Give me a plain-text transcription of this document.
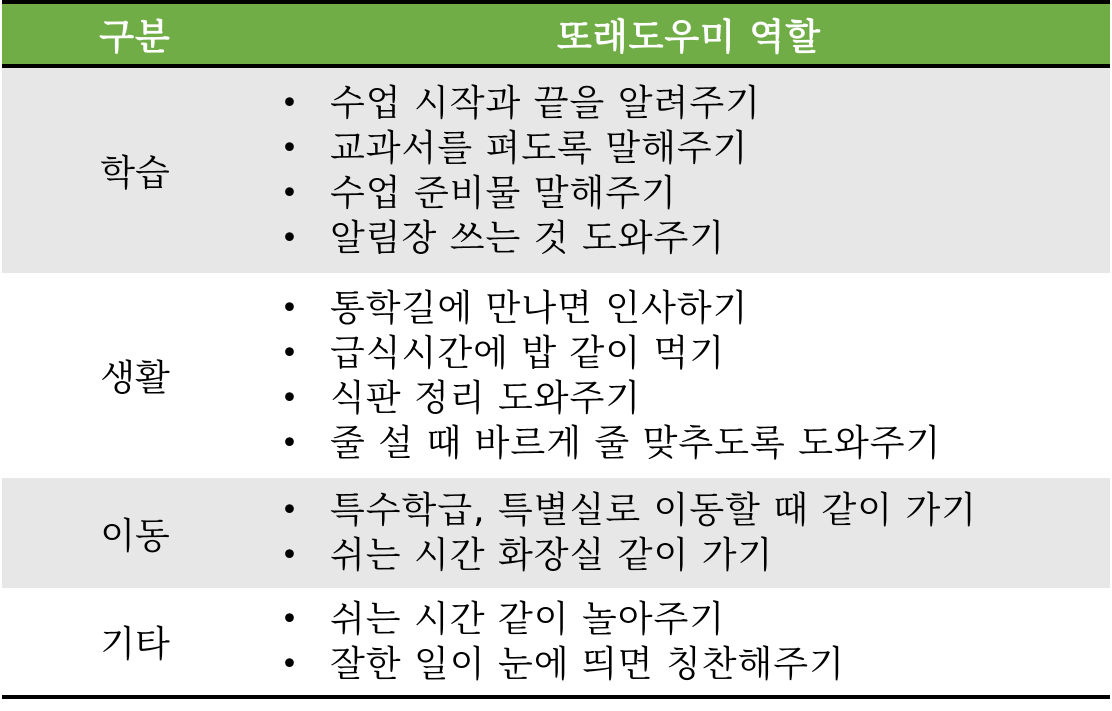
구분	또래도우미 역할
학습
• 수업 시작과 끝을 알려주기
• 교과서를 펴도록 말해주기
• 수업 준비물 말해주기
• 알림장 쓰는 것 도와주기
생활
• 통학길에 만나면 인사하기
• 급식시간에 밥 같이 먹기
• 식판 정리 도와주기
• 줄 설 때 바르게 줄 맞추도록 도와주기
이동
• 특수학급, 특별실로 이동할 때 같이 가기
• 쉬는 시간 화장실 같이 가기
기타
• 쉬는 시간 같이 놀아주기
• 잘한 일이 눈에 띄면 칭찬해주기
